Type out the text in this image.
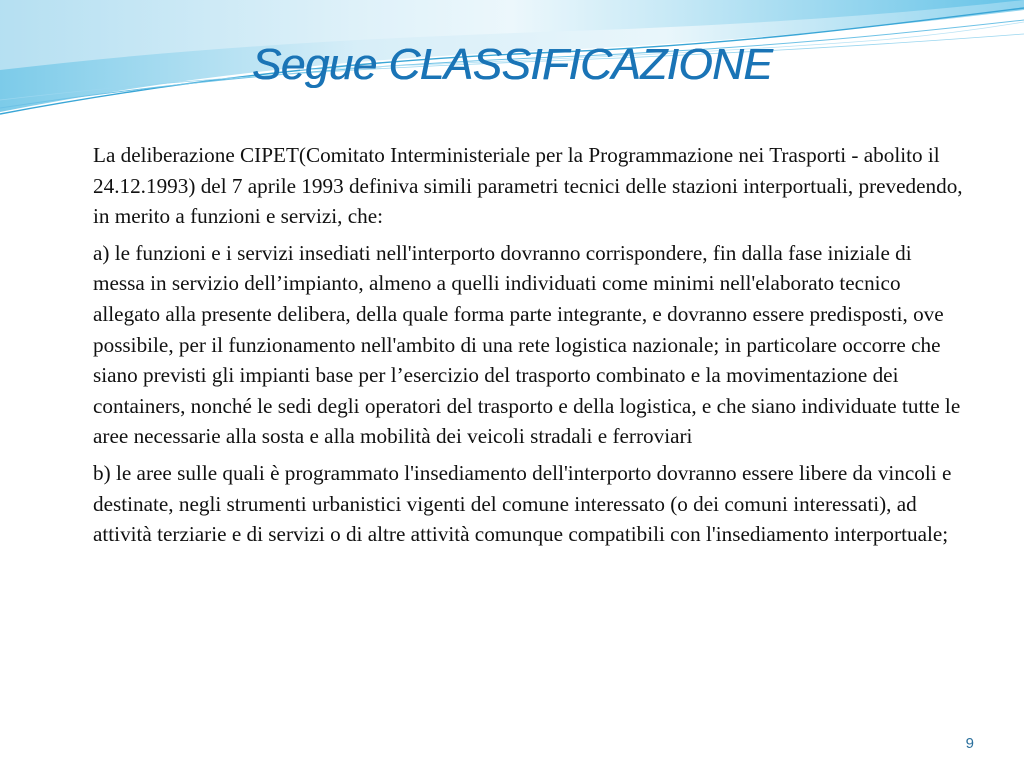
Segue CLASSIFICAZIONE

La deliberazione CIPET(Comitato Interministeriale per la Programmazione nei Trasporti - abolito il 24.12.1993) del 7 aprile 1993 definiva simili parametri tecnici delle stazioni interportuali, prevedendo, in merito a funzioni e servizi, che:

a) le funzioni e i servizi insediati nell'interporto dovranno corrispondere, fin dalla fase iniziale di messa in servizio dell’impianto, almeno a quelli individuati come minimi nell'elaborato tecnico allegato alla presente delibera, della quale forma parte integrante, e dovranno essere predisposti, ove possibile, per il funzionamento nell'ambito di una rete logistica nazionale; in particolare occorre che siano previsti gli impianti base per l’esercizio del trasporto combinato e la movimentazione dei containers, nonché le sedi degli operatori del trasporto e della logistica, e che siano individuate tutte le aree necessarie alla sosta e alla mobilità dei veicoli stradali e ferroviari

b) le aree sulle quali è programmato l'insediamento dell'interporto dovranno essere libere da vincoli e destinate, negli strumenti urbanistici vigenti del comune interessato (o dei comuni interessati), ad attività terziarie e di servizi o di altre attività comunque compatibili con l'insediamento interportuale;

9
